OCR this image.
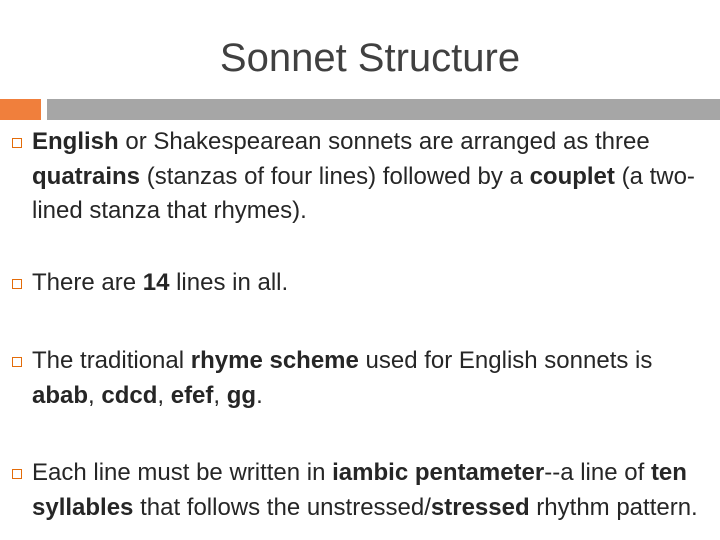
Sonnet Structure

English or Shakespearean sonnets are arranged as three quatrains (stanzas of four lines) followed by a couplet (a two-lined stanza that rhymes).

There are 14 lines in all.

The traditional rhyme scheme used for English sonnets is abab, cdcd, efef, gg.

Each line must be written in iambic pentameter--a line of ten syllables that follows the unstressed/stressed rhythm pattern.
